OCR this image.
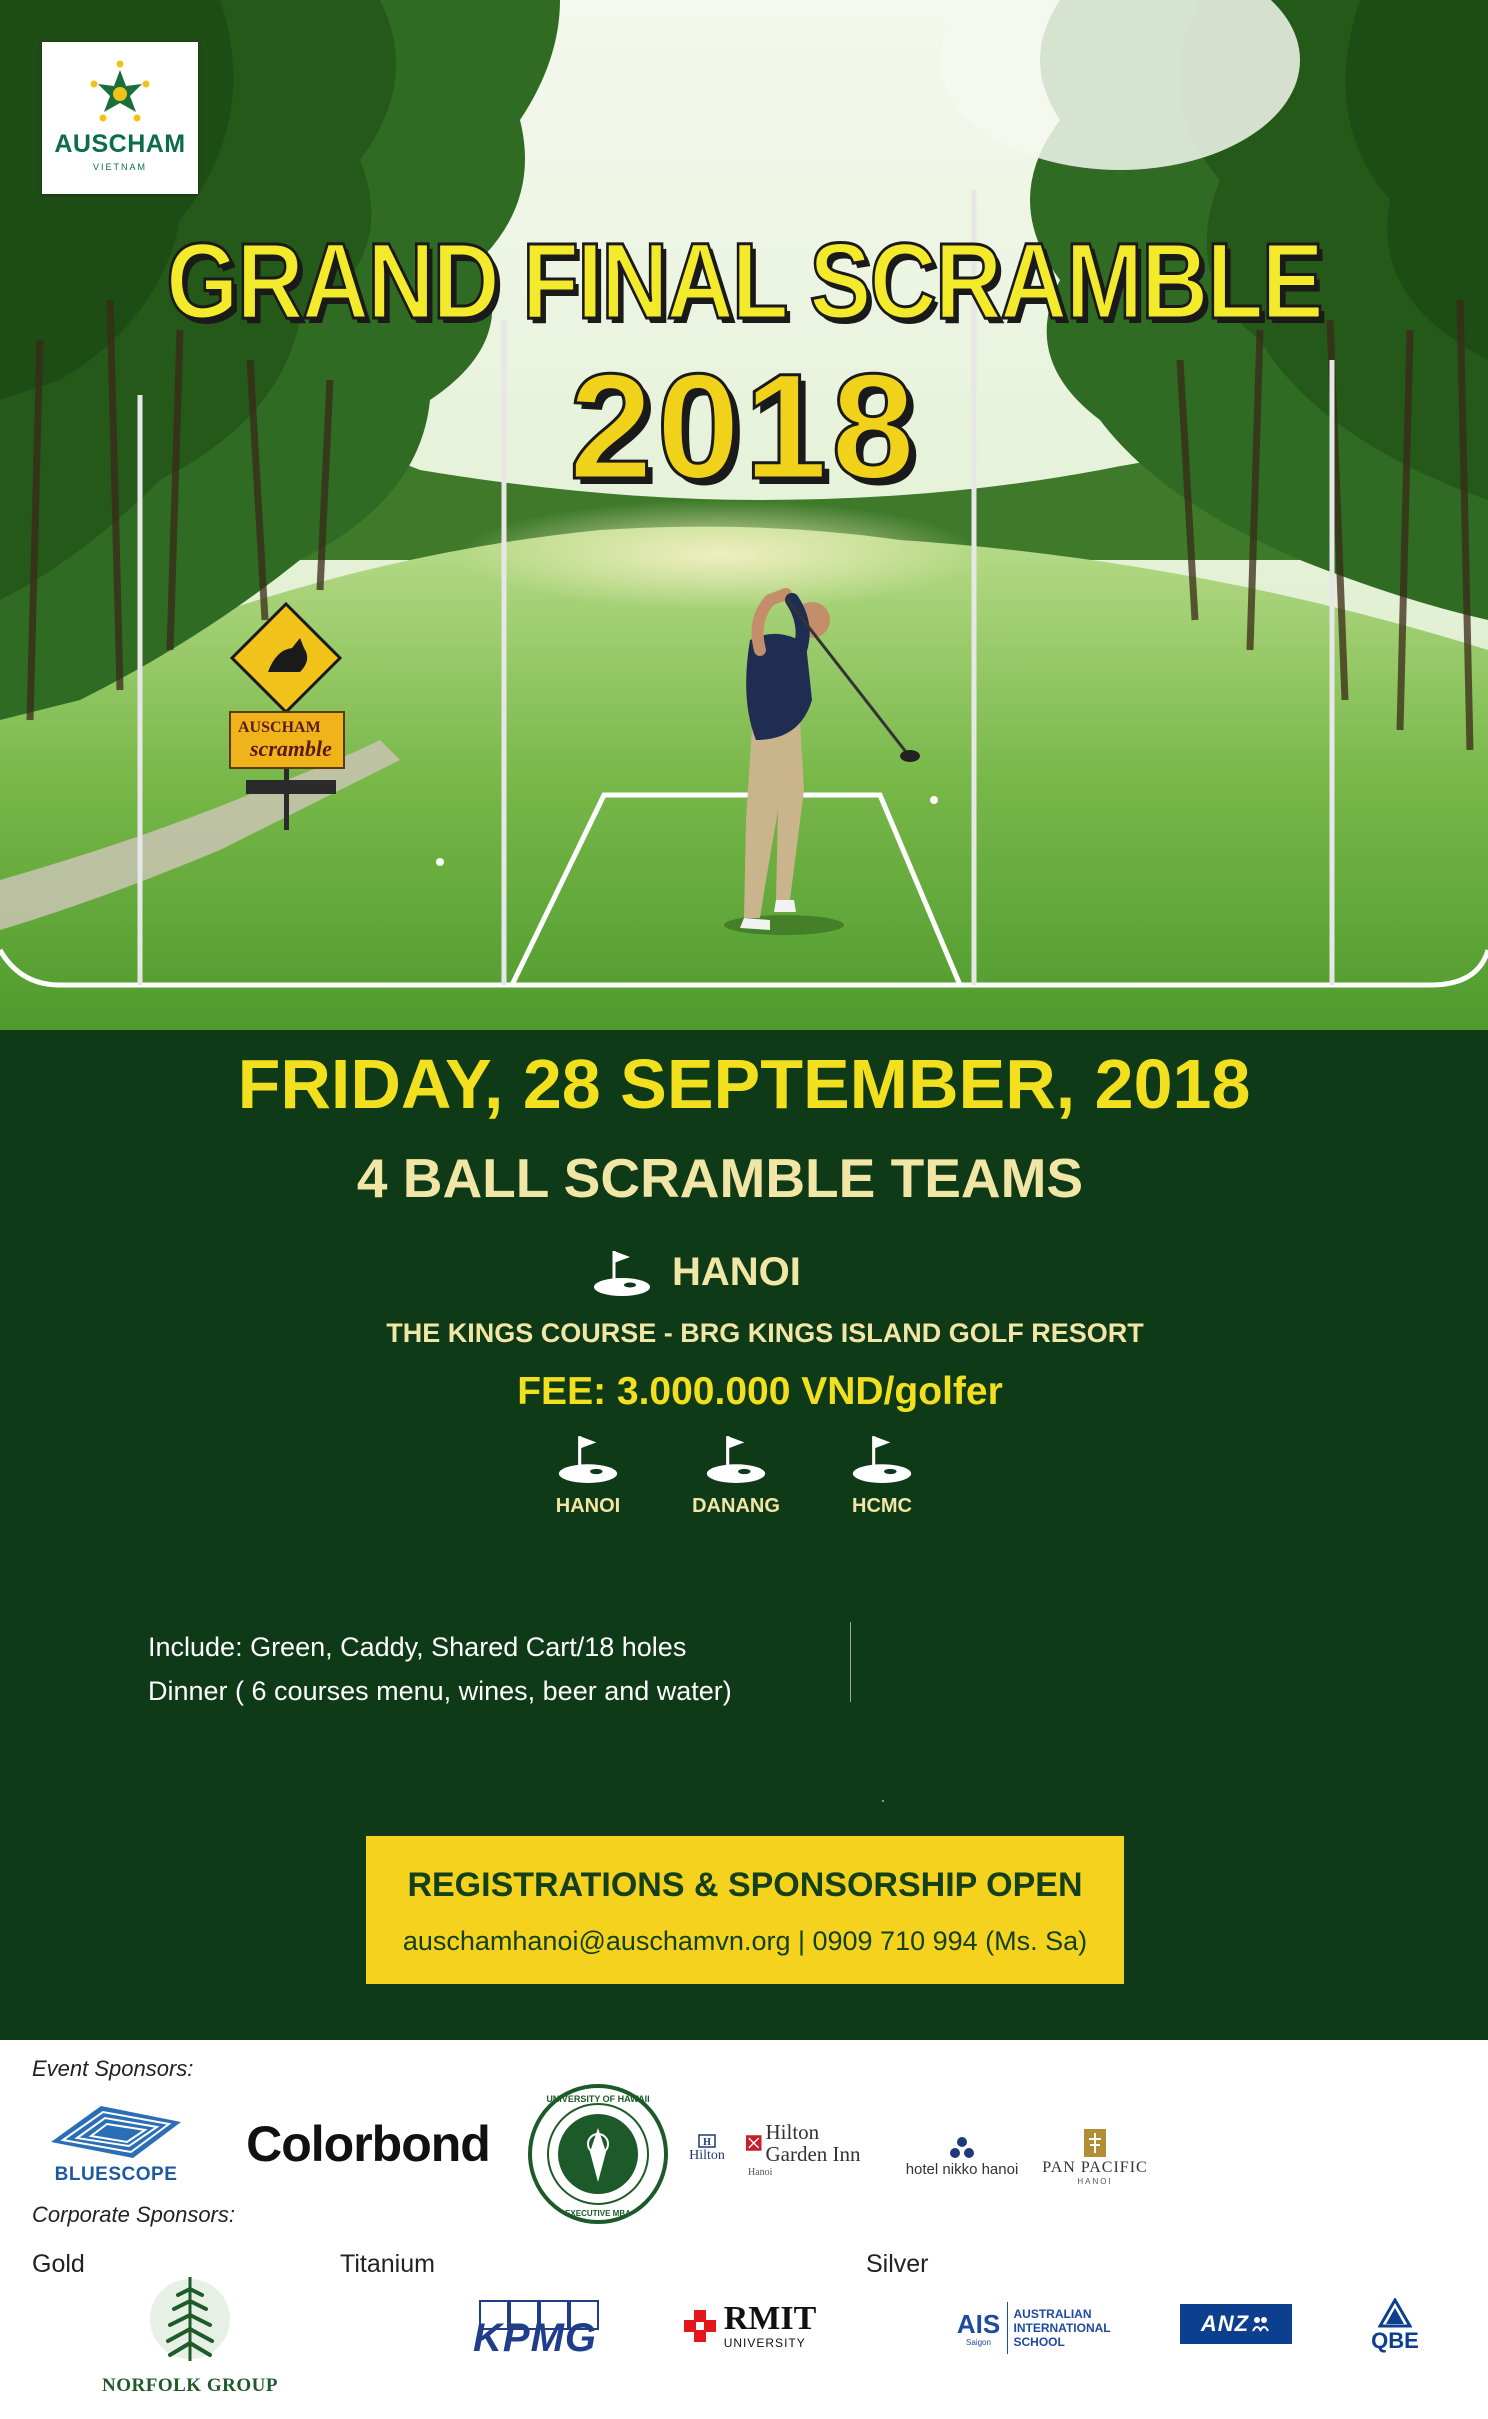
AUSCHAM
scramble
AUSCHAM
VIETNAM
GRAND FINAL SCRAMBLE
2018
FRIDAY, 28 SEPTEMBER, 2018
4 BALL SCRAMBLE TEAMS
HANOI
THE KINGS COURSE - BRG KINGS ISLAND GOLF RESORT
FEE: 3.000.000 VND/golfer
HANOI	DANANG	HCMC
Include: Green, Caddy, Shared Cart/18 holes
Dinner ( 6 courses menu, wines, beer and water)
REGISTRATIONS & SPONSORSHIP OPEN
auschamhanoi@auschamvn.org | 0909 710 994 (Ms. Sa)
Event Sponsors:
BLUESCOPE
Colorbond
UNIVERSITY OF HAWAII
EXECUTIVE MBA
H
Hilton
Hilton Garden Inn
Hanoi	hotel nikko hanoi PAN PACIFIC
HANOI
Corporate Sponsors:
Gold	Titanium	Silver
NORFOLK GROUP
KPMG	RMIT
UNIVERSITY
AIS
Saigon
AUSTRALIAN INTERNATIONAL SCHOOL
ANZ
QBE
